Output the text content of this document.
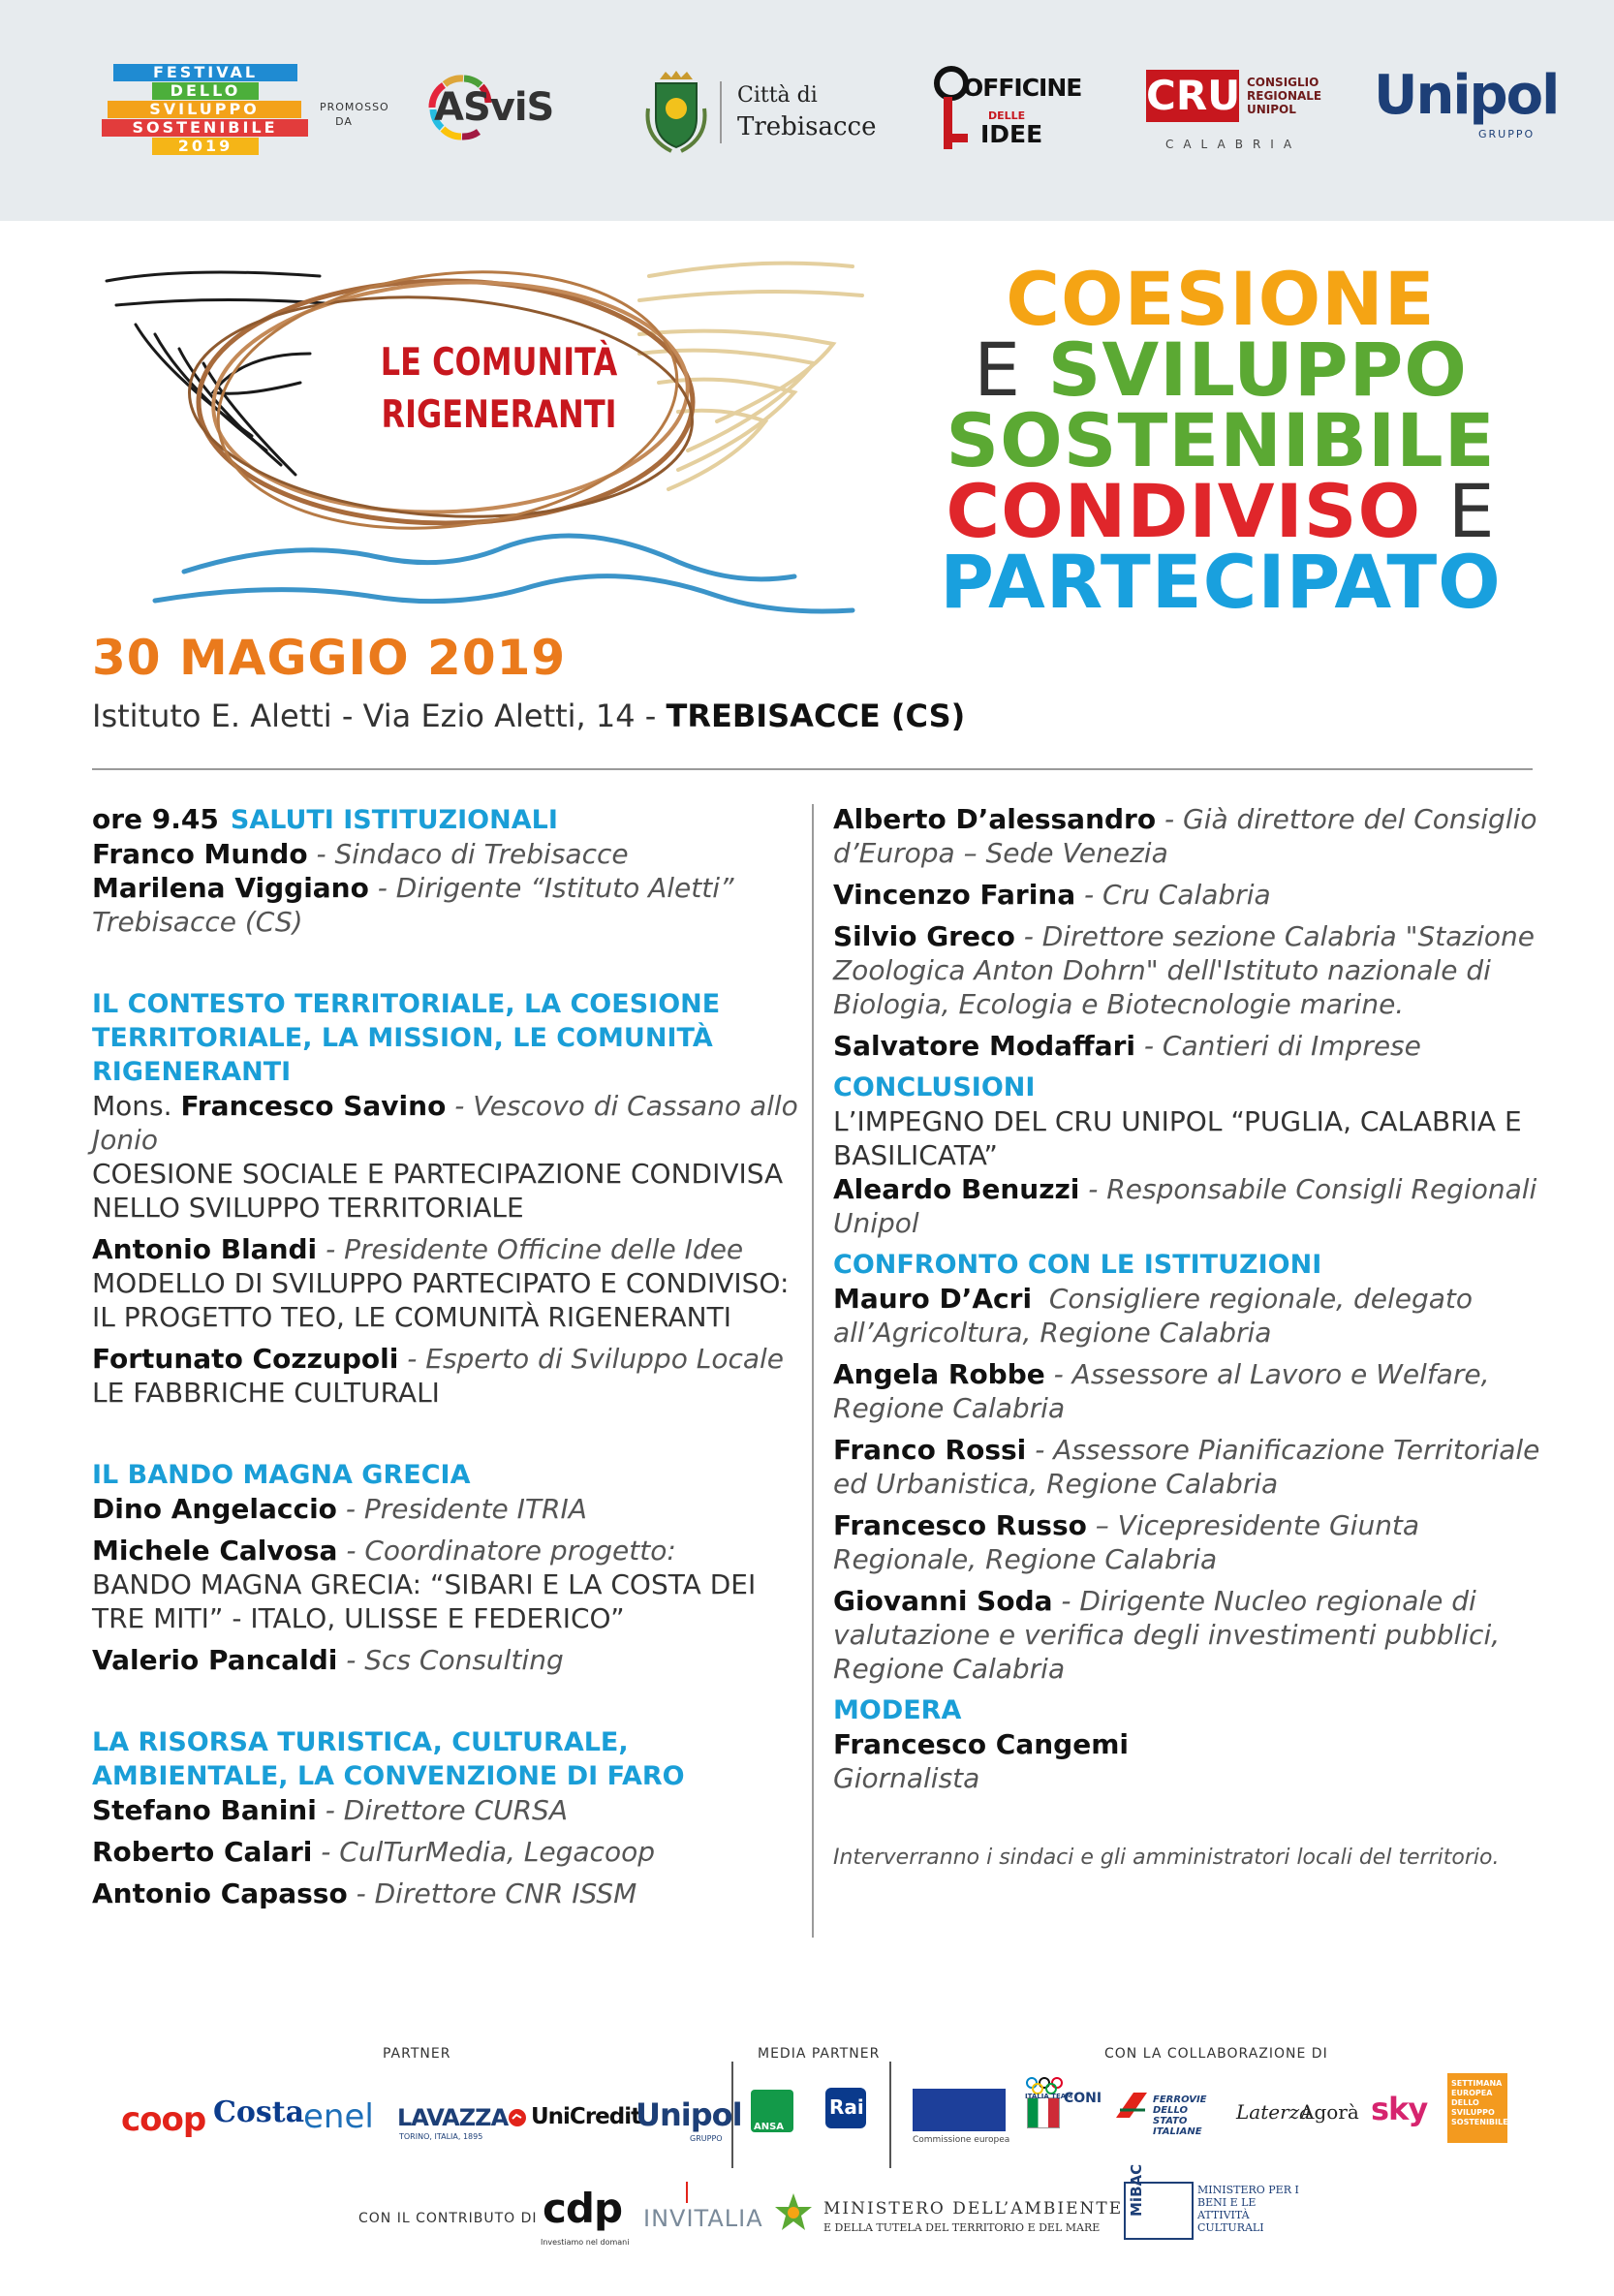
FESTIVAL
DELLO
SVILUPPO
SOSTENIBILE
2019
PROMOSSO DA	ASviS	Città di
Trebisacce
OFFICINE
DELLE
IDEE
CRU CONSIGLIO REGIONALE UNIPOL
CALABRIA
Unipol
GRUPPO
LE COMUNITÀ
RIGENERANTI
COESIONE
E SVILUPPO
SOSTENIBILE
CONDIVISO E
PARTECIPATO
30 MAGGIO 2019
Istituto E. Aletti - Via Ezio Aletti, 14 - TREBISACCE (CS)
ore 9.45 SALUTI ISTITUZIONALI
Franco Mundo - Sindaco di Trebisacce
Marilena Viggiano - Dirigente “Istituto Aletti” Trebisacce (CS)
IL CONTESTO TERRITORIALE, LA COESIONE TERRITORIALE, LA MISSION, LE COMUNITÀ RIGENERANTI
Mons. Francesco Savino - Vescovo di Cassano allo Jonio
COESIONE SOCIALE E PARTECIPAZIONE CONDIVISA NELLO SVILUPPO TERRITORIALE
Antonio Blandi - Presidente Officine delle Idee
MODELLO DI SVILUPPO PARTECIPATO E CONDIVISO: IL PROGETTO TEO, LE COMUNITÀ RIGENERANTI
Fortunato Cozzupoli - Esperto di Sviluppo Locale
LE FABBRICHE CULTURALI
IL BANDO MAGNA GRECIA
Dino Angelaccio - Presidente ITRIA
Michele Calvosa - Coordinatore progetto:
BANDO MAGNA GRECIA: “SIBARI E LA COSTA DEI TRE MITI” - ITALO, ULISSE E FEDERICO”
Valerio Pancaldi - Scs Consulting
LA RISORSA TURISTICA, CULTURALE, AMBIENTALE, LA CONVENZIONE DI FARO
Stefano Banini - Direttore CURSA
Roberto Calari - CulTurMedia, Legacoop
Antonio Capasso - Direttore CNR ISSM
Alberto D’alessandro - Già direttore del Consiglio d’Europa – Sede Venezia
Vincenzo Farina - Cru Calabria
Silvio Greco - Direttore sezione Calabria "Stazione Zoologica Anton Dohrn" dell'Istituto nazionale di Biologia, Ecologia e Biotecnologie marine.
Salvatore Modaffari - Cantieri di Imprese
CONCLUSIONI
L’IMPEGNO DEL CRU UNIPOL “PUGLIA, CALABRIA E BASILICATA”
Aleardo Benuzzi - Responsabile Consigli Regionali Unipol
CONFRONTO CON LE ISTITUZIONI
Mauro D’Acri Consigliere regionale, delegato all’Agricoltura, Regione Calabria
Angela Robbe - Assessore al Lavoro e Welfare, Regione Calabria
Franco Rossi - Assessore Pianificazione Territoriale ed Urbanistica, Regione Calabria
Francesco Russo – Vicepresidente Giunta Regionale, Regione Calabria
Giovanni Soda - Dirigente Nucleo regionale di valutazione e verifica degli investimenti pubblici, Regione Calabria
MODERA
Francesco Cangemi
Giornalista
Interverranno i sindaci e gli amministratori locali del territorio.
PARTNER	MEDIA PARTNER	CON LA COLLABORAZIONE DI
coop Costa
enel LAVAZZA
TORINO, ITALIA, 1895
UniCredit
Unipol
GRUPPO
ANSA
Rai
Commissione europea
ITALIA TEAM
CONI	FERROVIE DELLO STATO ITALIANE
Laterza
Agorà sky
SETTIMANA EUROPEA DELLO SVILUPPO SOSTENIBILE
CON IL CONTRIBUTO DI cdp
Investiamo nel domani
INVITALIA	MINISTERO DELL’AMBIENTE
E DELLA TUTELA DEL TERRITORIO E DEL MARE
MiBAC	MINISTERO PER I BENI E LE ATTIVITÀ CULTURALI
